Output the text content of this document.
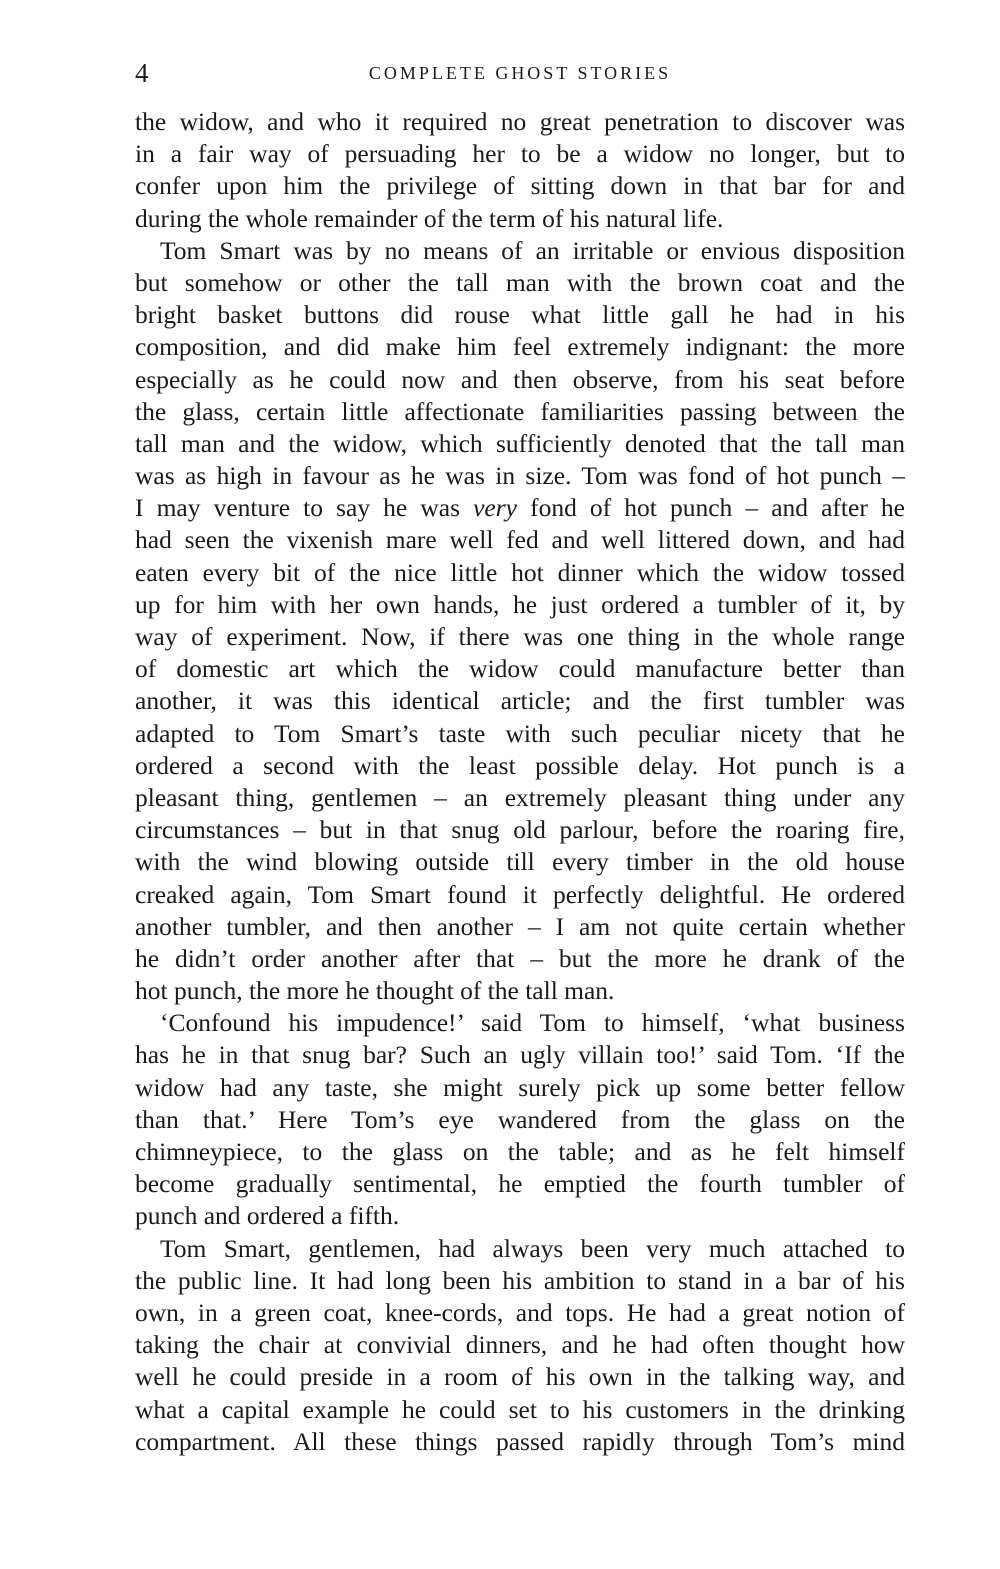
4	COMPLETE GHOST STORIES
the widow, and who it required no great penetration to discover was
in a fair way of persuading her to be a widow no longer, but to
confer upon him the privilege of sitting down in that bar for and
during the whole remainder of the term of his natural life.
Tom Smart was by no means of an irritable or envious disposition
but somehow or other the tall man with the brown coat and the
bright basket buttons did rouse what little gall he had in his
composition, and did make him feel extremely indignant: the more
especially as he could now and then observe, from his seat before
the glass, certain little affectionate familiarities passing between the
tall man and the widow, which sufficiently denoted that the tall man
was as high in favour as he was in size. Tom was fond of hot punch –
I may venture to say he was very fond of hot punch – and after he
had seen the vixenish mare well fed and well littered down, and had
eaten every bit of the nice little hot dinner which the widow tossed
up for him with her own hands, he just ordered a tumbler of it, by
way of experiment. Now, if there was one thing in the whole range
of domestic art which the widow could manufacture better than
another, it was this identical article; and the first tumbler was
adapted to Tom Smart’s taste with such peculiar nicety that he
ordered a second with the least possible delay. Hot punch is a
pleasant thing, gentlemen – an extremely pleasant thing under any
circumstances – but in that snug old parlour, before the roaring fire,
with the wind blowing outside till every timber in the old house
creaked again, Tom Smart found it perfectly delightful. He ordered
another tumbler, and then another – I am not quite certain whether
he didn’t order another after that – but the more he drank of the
hot punch, the more he thought of the tall man.
‘Confound his impudence!’ said Tom to himself, ‘what business
has he in that snug bar? Such an ugly villain too!’ said Tom. ‘If the
widow had any taste, she might surely pick up some better fellow
than that.’ Here Tom’s eye wandered from the glass on the
chimneypiece, to the glass on the table; and as he felt himself
become gradually sentimental, he emptied the fourth tumbler of
punch and ordered a fifth.
Tom Smart, gentlemen, had always been very much attached to
the public line. It had long been his ambition to stand in a bar of his
own, in a green coat, knee-cords, and tops. He had a great notion of
taking the chair at convivial dinners, and he had often thought how
well he could preside in a room of his own in the talking way, and
what a capital example he could set to his customers in the drinking
compartment. All these things passed rapidly through Tom’s mind
